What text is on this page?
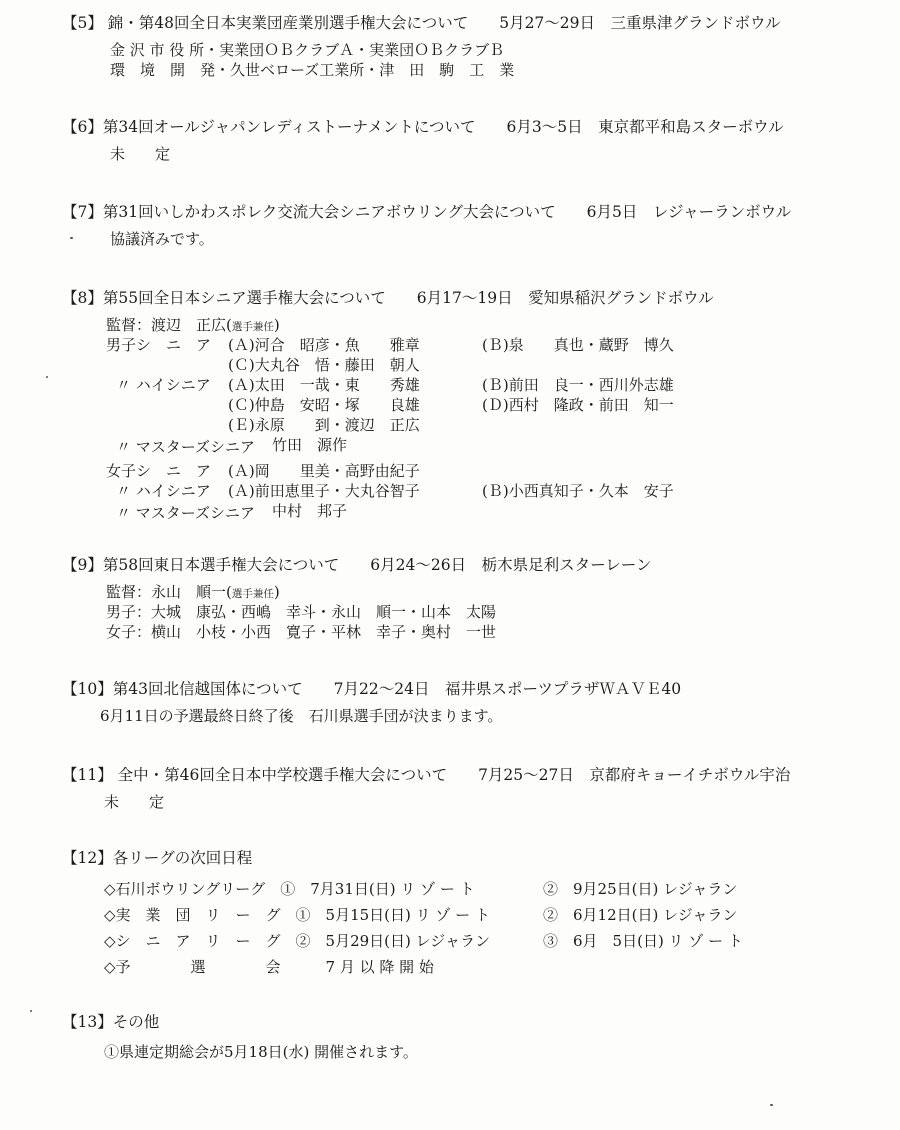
【5】 錦・第48回全日本実業団産業別選手権大会について　　5月27～29日　三重県津グランドボウル
金 沢 市 役 所・実業団ＯＢクラブＡ・実業団ＯＢクラブＢ
環　境　開　発・久世ベローズ工業所・津　田　駒　工　業
【6】第34回オールジャパンレディストーナメントについて　　6月3～5日　東京都平和島スターボウル
未　　定
【7】第31回いしかわスポレク交流大会シニアボウリング大会について　　6月5日　レジャーランボウル
協議済みです。
【8】第55回全日本シニア選手権大会について　　6月17～19日　愛知県稲沢グランドボウル
監督：渡辺　正広(選手兼任)
男子シ　ニ　ア (Ａ)河合　昭彦・魚　　雅章	(Ｂ)泉　　真也・蔵野　博久
(Ｃ)大丸谷　悟・藤田　朝人
〃 ハイシニア (Ａ)太田　一哉・東　　秀雄	(Ｂ)前田　良一・西川外志雄
(Ｃ)仲島　安昭・塚　　良雄	(Ｄ)西村　隆政・前田　知一
(Ｅ)永原　　到・渡辺　正広
〃 マスターズシニア 竹田　源作
女子シ　ニ　ア (Ａ)岡　　里美・高野由紀子
〃 ハイシニア (Ａ)前田恵里子・大丸谷智子	(Ｂ)小西真知子・久本　安子
〃 マスターズシニア 中村　邦子
【9】第58回東日本選手権大会について　　6月24～26日　栃木県足利スターレーン
監督：永山　順一(選手兼任)
男子：大城　康弘・西嶋　幸斗・永山　順一・山本　太陽
女子：横山　小枝・小西　寛子・平林　幸子・奥村　一世
【10】第43回北信越国体について　　7月22～24日　福井県スポーツプラザＷＡＶＥ40
6月11日の予選最終日終了後　石川県選手団が決まります。
【11】 全中・第46回全日本中学校選手権大会について　　7月25～27日　京都府キョーイチボウル宇治
未　　定
【12】各リーグの次回日程
◇石川ボウリングリーグ　①　7月31日(日) リ ゾ ー ト	②　9月25日(日) レジャラン
◇実　業　団　リ　ー　グ　①　5月15日(日) リ ゾ ー ト	②　6月12日(日) レジャラン
◇シ　ニ　ア　リ　ー　グ　②　5月29日(日) レジャラン	③　6月　5日(日) リ ゾ ー ト
◇予　　　　選　　　　会　　　7 月 以 降 開 始
【13】その他
①県連定期総会が5月18日(水) 開催されます。
